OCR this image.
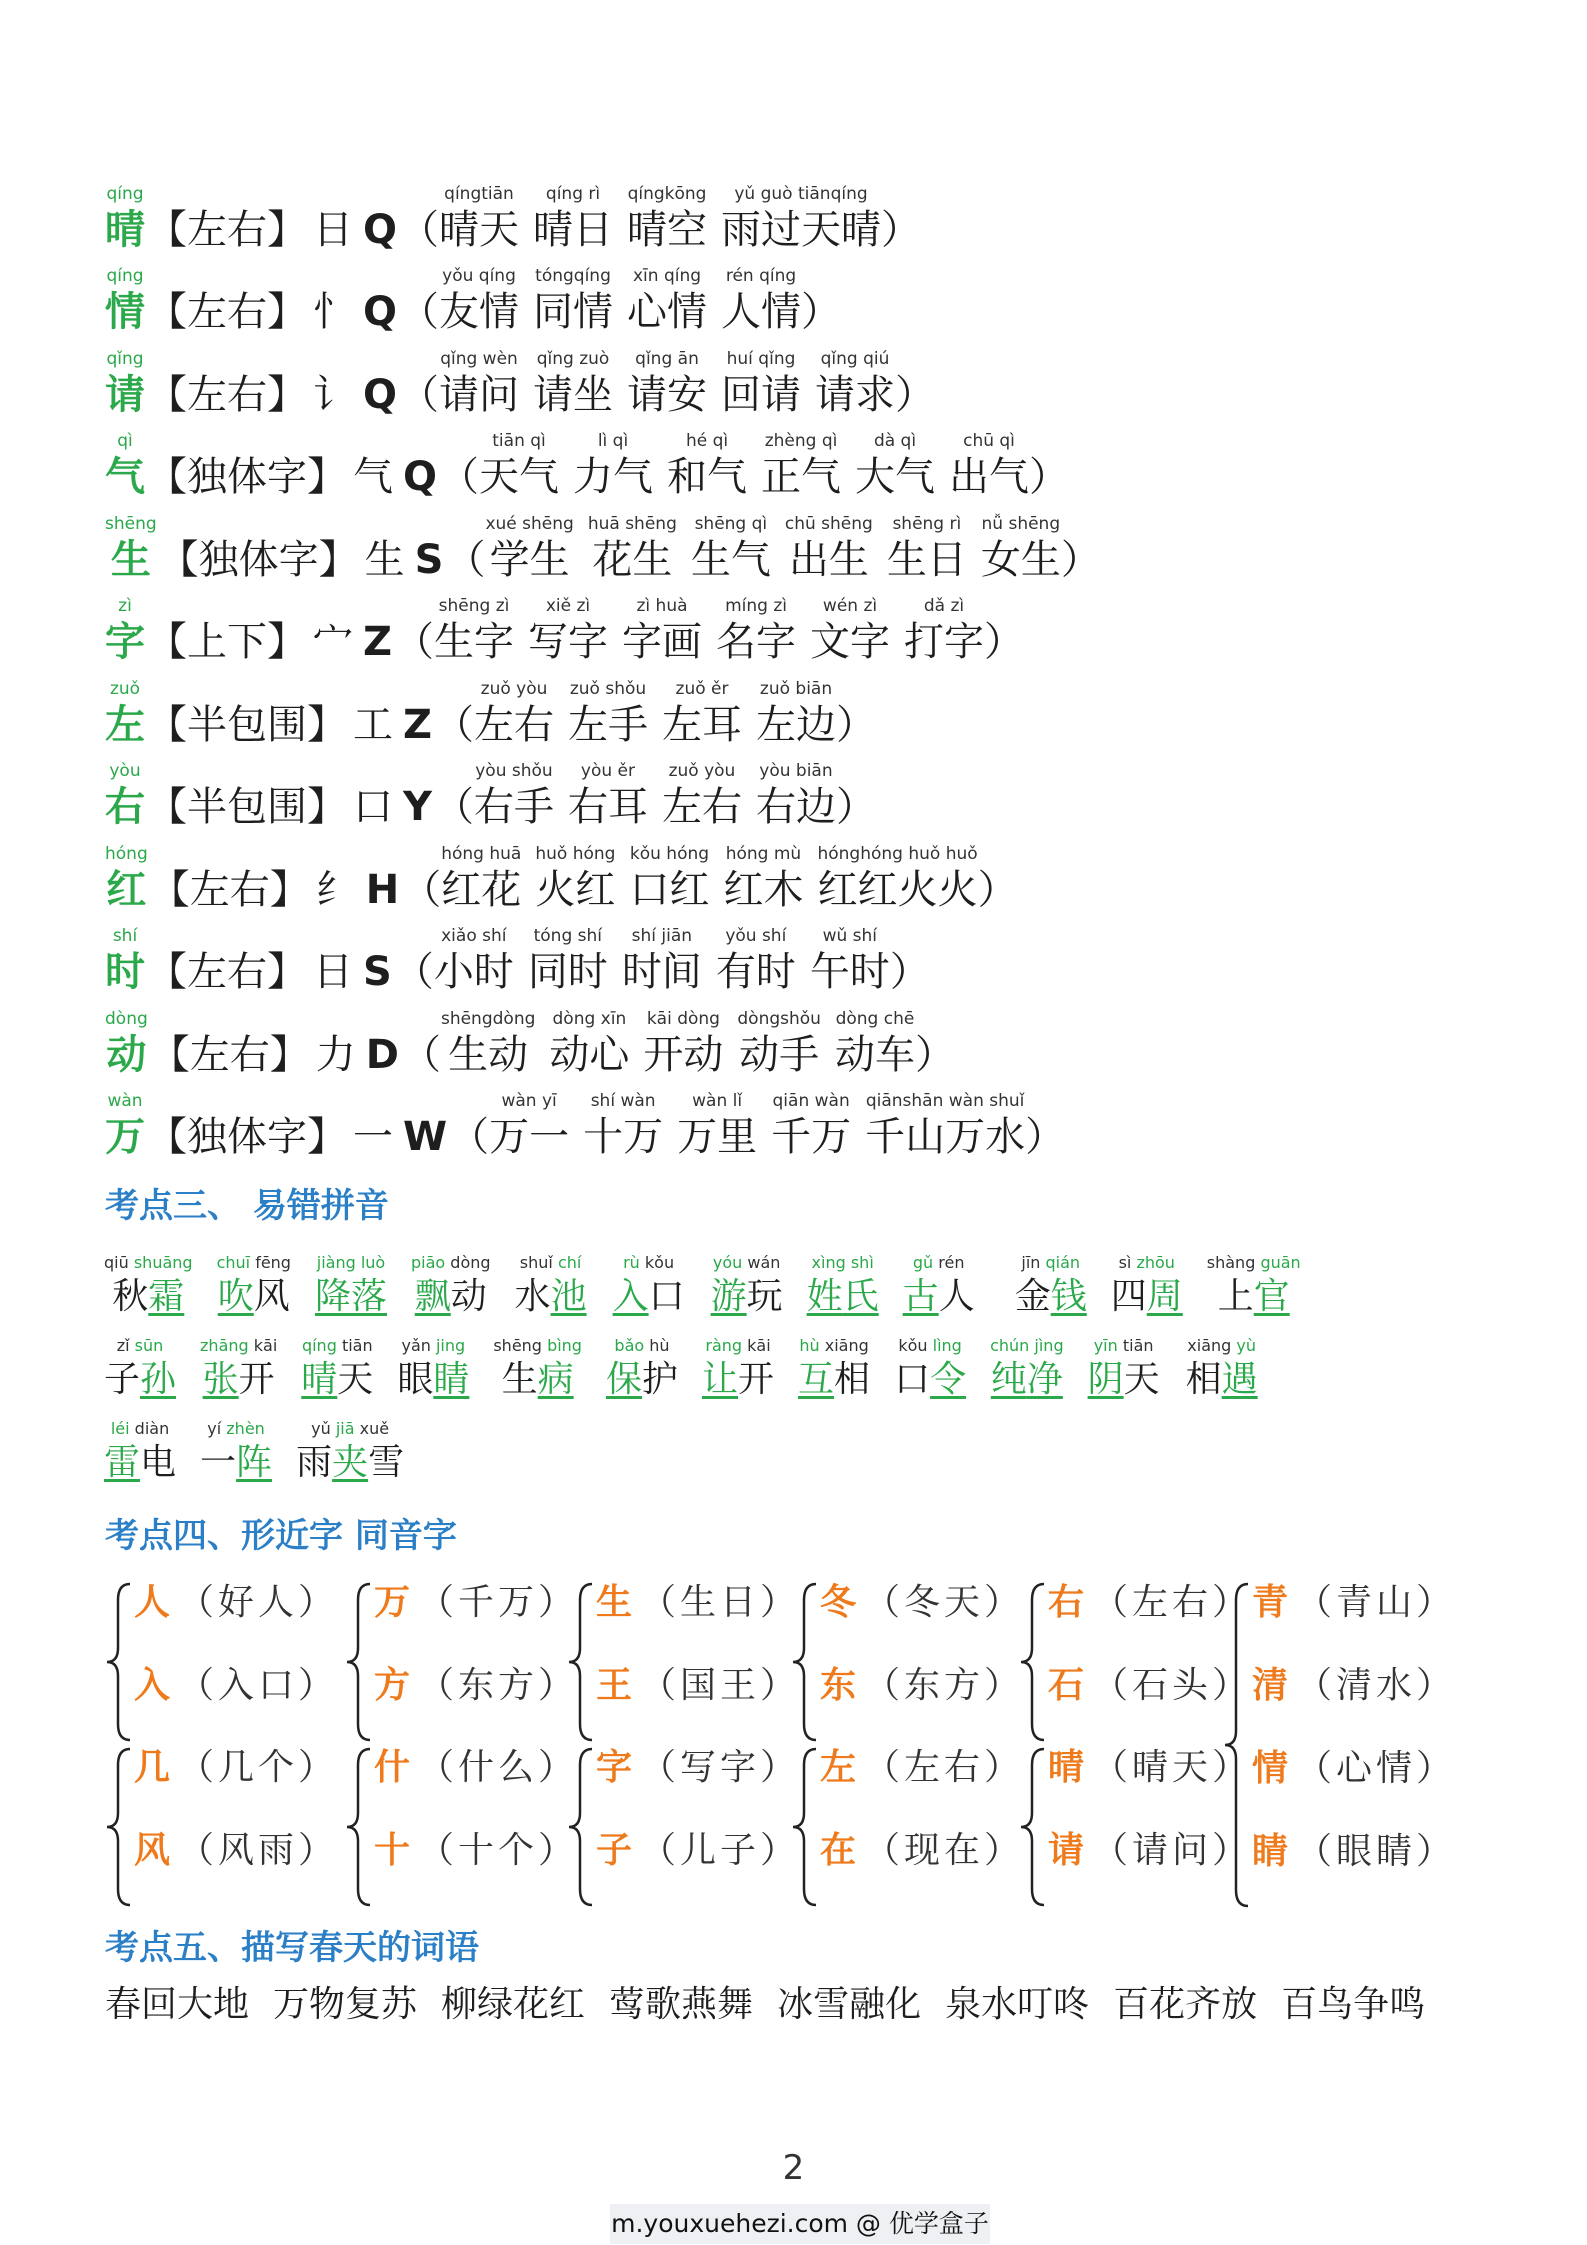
qíng
晴 【左右】 日 Q （
qíngtiān
晴天
qíng rì
晴日
qíngkōng
晴空
yǔ guò tiānqíng
雨过天晴 ）
qíng
情 【左右】 忄 Q （
yǒu qíng
友情
tóngqíng
同情
xīn qíng
心情
rén qíng
人情 ）
qǐng
请 【左右】 讠 Q （
qǐng wèn
请问
qǐng zuò
请坐
qǐng ān
请安
huí qǐng
回请
qǐng qiú
请求 ）
qì
气 【独体字】 气 Q （
tiān qì
天气
lì qì
力气
hé qì
和气
zhèng qì
正气
dà qì
大气
chū qì
出气 ）
shēng
生 【独体字】 生 S （
xué shēng
学生
huā shēng
花生
shēng qì
生气
chū shēng
出生
shēng rì
生日
nǚ shēng
女生 ）
zì
字 【上下】 宀 Z （
shēng zì
生字
xiě zì
写字
zì huà
字画
míng zì
名字
wén zì
文字
dǎ zì
打字 ）
zuǒ
左 【半包围】 工 Z （
zuǒ yòu
左右
zuǒ shǒu
左手
zuǒ ěr
左耳
zuǒ biān
左边 ）
yòu
右 【半包围】 口 Y （
yòu shǒu
右手
yòu ěr
右耳
zuǒ yòu
左右
yòu biān
右边 ）
hóng
红 【左右】 纟 H （
hóng huā
红花
huǒ hóng
火红
kǒu hóng
口红
hóng mù
红木
hónghóng huǒ huǒ
红红火火 ）
shí
时 【左右】 日 S （
xiǎo shí
小时
tóng shí
同时
shí jiān
时间
yǒu shí
有时
wǔ shí
午时 ）
dòng
动 【左右】 力 D （
shēngdòng
生动
dòng xīn
动心
kāi dòng
开动
dòngshǒu
动手
dòng chē
动车 ）
wàn
万 【独体字】 一 W （
wàn yī
万一
shí wàn
十万
wàn lǐ
万里
qiān wàn
千万
qiānshān wàn shuǐ
千山万水 ）
考点三、 易错拼音
qiū shuāng
秋霜
chuī fēng
吹风
jiàng luò
降落
piāo dòng
飘动
shuǐ chí
水池
rù kǒu
入口
yóu wán
游玩
xìng shì
姓氏
gǔ rén
古人
jīn qián
金钱
sì zhōu
四周
shàng guān
上官
zǐ sūn
子孙
zhāng kāi
张开
qíng tiān
晴天
yǎn jing
眼睛
shēng bìng
生病
bǎo hù
保护
ràng kāi
让开
hù xiāng
互相
kǒu lìng
口令
chún jìng
纯净
yīn tiān
阴天
xiāng yù
相遇
léi diàn
雷电
yí zhèn
一阵
yǔ jiā xuě
雨夹雪
考点四、形近字 同音字
人 （好人）
入 （入口）
万 （千万）
方 （东方）
生 （生日）
王 （国王）
冬 （冬天）
东 （东方）
右 （左右）
石 （石头）
几 （几个）
风 （风雨）
什 （什么）
十 （十个）
字 （写字）
子 （儿子）
左 （左右）
在 （现在）
晴 （晴天）
请 （请问）
青 （青山）
清 （清水）
情 （心情）
睛 （眼睛）
考点五、描写春天的词语
春回大地 万物复苏 柳绿花红 莺歌燕舞 冰雪融化 泉水叮咚 百花齐放 百鸟争鸣
2
m.youxuehezi.com @ 优学盒子
